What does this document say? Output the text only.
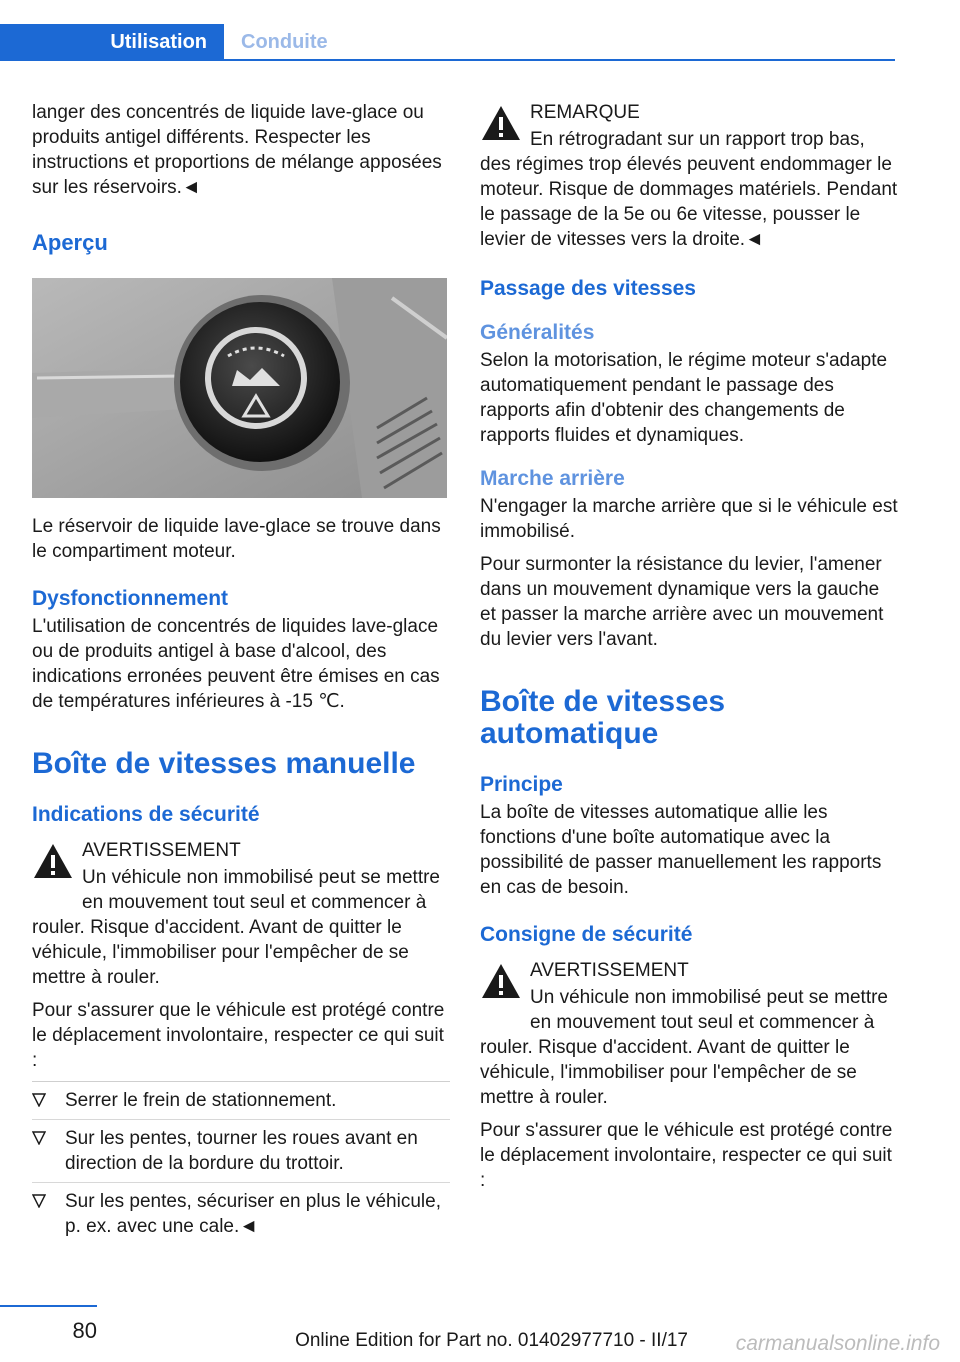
Utilisation	Conduite

langer des concentrés de liquide lave-glace ou produits antigel différents. Respecter les instructions et proportions de mélange apposées sur les réservoirs.◄

Aperçu

Le réservoir de liquide lave-glace se trouve dans le compartiment moteur.

Dysfonctionnement

L'utilisation de concentrés de liquides lave-glace ou de produits antigel à base d'alcool, des indications erronées peuvent être émises en cas de températures inférieures à -15 ℃.

Boîte de vitesses manuelle
Indications de sécurité

AVERTISSEMENT

Un véhicule non immobilisé peut se mettre en mouvement tout seul et commencer à

rouler. Risque d'accident. Avant de quitter le véhicule, l'immobiliser pour l'empêcher de se mettre à rouler.

Pour s'assurer que le véhicule est protégé contre le déplacement involontaire, respecter ce qui suit :

Serrer le frein de stationnement.
Sur les pentes, tourner les roues avant en direction de la bordure du trottoir.
Sur les pentes, sécuriser en plus le véhicule, p. ex. avec une cale.◄

REMARQUE

En rétrogradant sur un rapport trop bas,

des régimes trop élevés peuvent endommager le moteur. Risque de dommages matériels. Pendant le passage de la 5e ou 6e vitesse, pousser le levier de vitesses vers la droite.◄

Passage des vitesses
Généralités

Selon la motorisation, le régime moteur s'adapte automatiquement pendant le passage des rapports afin d'obtenir des changements de rapports fluides et dynamiques.

Marche arrière

N'engager la marche arrière que si le véhicule est immobilisé.

Pour surmonter la résistance du levier, l'amener dans un mouvement dynamique vers la gauche et passer la marche arrière avec un mouvement du levier vers l'avant.

Boîte de vitesses automatique
Principe

La boîte de vitesses automatique allie les fonctions d'une boîte automatique avec la possibilité de passer manuellement les rapports en cas de besoin.

Consigne de sécurité

AVERTISSEMENT

Un véhicule non immobilisé peut se mettre en mouvement tout seul et commencer à

rouler. Risque d'accident. Avant de quitter le véhicule, l'immobiliser pour l'empêcher de se mettre à rouler.

Pour s'assurer que le véhicule est protégé contre le déplacement involontaire, respecter ce qui suit :

80	Online Edition for Part no. 01402977710 - II/17 carmanualsonline.info
